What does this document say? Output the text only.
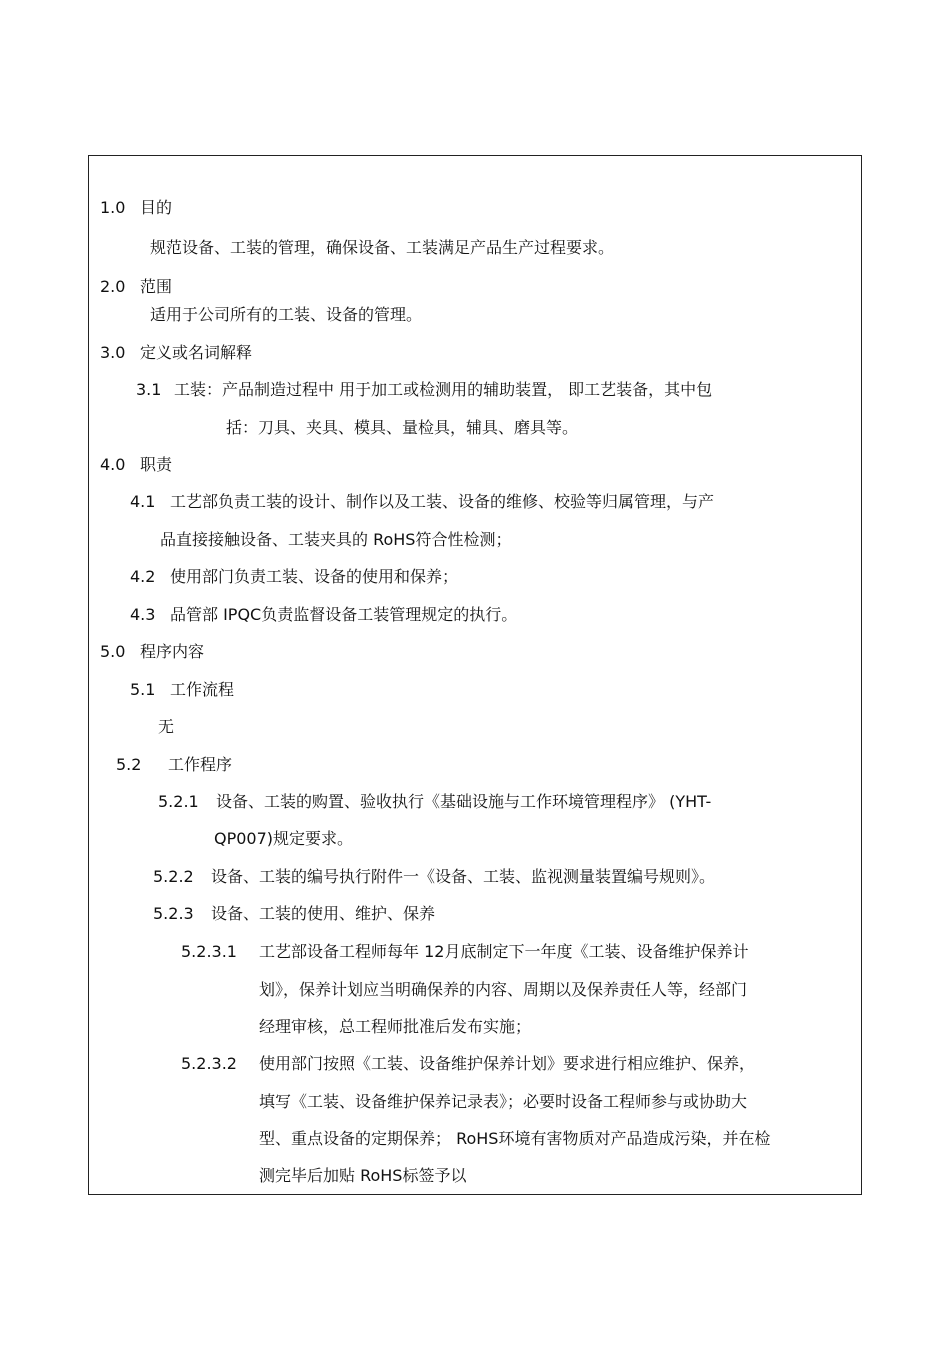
1.0 目的
规范设备、工装的管理，确保设备、工装满足产品生产过程要求。
2.0 范围
适用于公司所有的工装、设备的管理。
3.0 定义或名词解释
3.1 工装：产品制造过程中 用于加工或检测用的辅助装置， 即工艺装备，其中包
括：刀具、夹具、模具、量检具，辅具、磨具等。
4.0 职责
4.1 工艺部负责工装的设计、制作以及工装、设备的维修、校验等归属管理，与产
品直接接触设备、工装夹具的 RoHS符合性检测；
4.2 使用部门负责工装、设备的使用和保养；
4.3 品管部 IPQC负责监督设备工装管理规定的执行。
5.0 程序内容
5.1 工作流程
无
5.2 工作程序
5.2.1 设备、工装的购置、验收执行《基础设施与工作环境管理程序》 (YHT-
QP007)规定要求。
5.2.2 设备、工装的编号执行附件一《设备、工装、监视测量装置编号规则》。
5.2.3 设备、工装的使用、维护、保养
5.2.3.1 工艺部设备工程师每年 12月底制定下一年度《工装、设备维护保养计
划》，保养计划应当明确保养的内容、周期以及保养责任人等，经部门
经理审核，总工程师批准后发布实施；
5.2.3.2 使用部门按照《工装、设备维护保养计划》要求进行相应维护、保养，
填写《工装、设备维护保养记录表》；必要时设备工程师参与或协助大
型、重点设备的定期保养； RoHS环境有害物质对产品造成污染，并在检
测完毕后加贴 RoHS标签予以
